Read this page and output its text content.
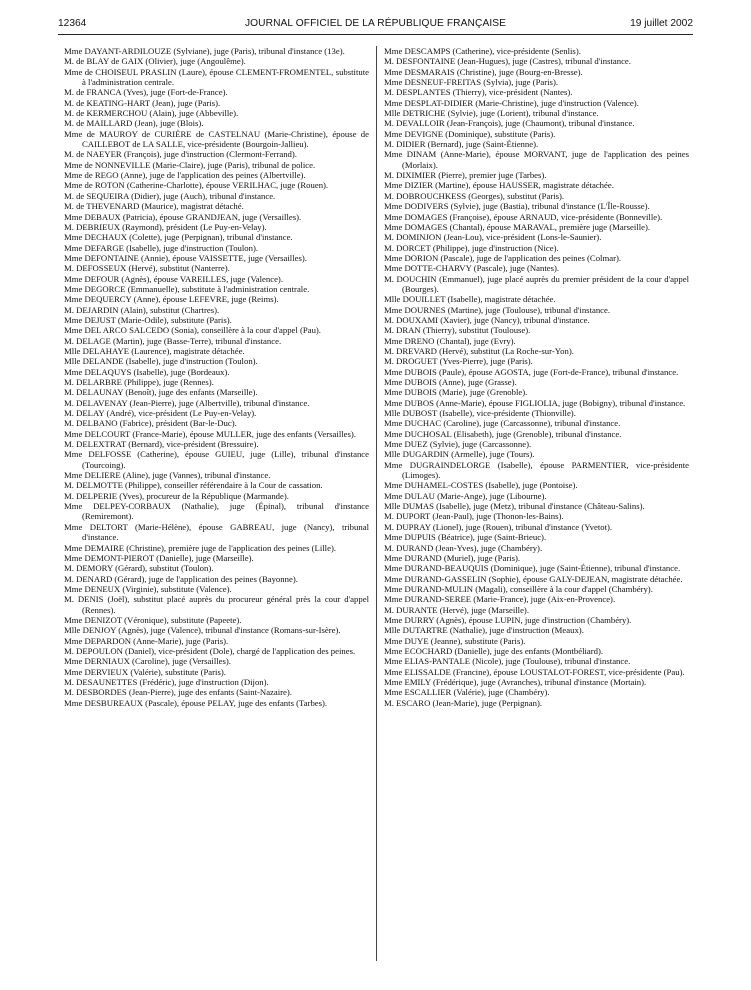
12364	JOURNAL OFFICIEL DE LA RÉPUBLIQUE FRANÇAISE	19 juillet 2002

Mme DAYANT-ARDILOUZE (Sylviane), juge (Paris), tribunal d'instance (13e).

M. de BLAY de GAIX (Olivier), juge (Angoulême).

Mme de CHOISEUL PRASLIN (Laure), épouse CLEMENT-FROMENTEL, substitute à l'administration centrale.

M. de FRANCA (Yves), juge (Fort-de-France).

M. de KEATING-HART (Jean), juge (Paris).

M. de KERMERCHOU (Alain), juge (Abbeville).

M. de MAILLARD (Jean), juge (Blois).

Mme de MAUROY de CURIÈRE de CASTELNAU (Marie-Christine), épouse de CAILLEBOT de LA SALLE, vice-présidente (Bourgoin-Jallieu).

M. de NAEYER (François), juge d'instruction (Clermont-Ferrand).

Mme de NONNEVILLE (Marie-Claire), juge (Paris), tribunal de police.

Mme de REGO (Anne), juge de l'application des peines (Albertville).

Mme de ROTON (Catherine-Charlotte), épouse VERILHAC, juge (Rouen).

M. de SEQUEIRA (Didier), juge (Auch), tribunal d'instance.

M. de THEVENARD (Maurice), magistrat détaché.

Mme DEBAUX (Patricia), épouse GRANDJEAN, juge (Versailles).

M. DEBRIEUX (Raymond), président (Le Puy-en-Velay).

Mme DECHAUX (Colette), juge (Perpignan), tribunal d'instance.

Mme DEFARGE (Isabelle), juge d'instruction (Toulon).

Mme DEFONTAINE (Annie), épouse VAISSETTE, juge (Versailles).

M. DEFOSSEUX (Hervé), substitut (Nanterre).

Mme DEFOUR (Agnès), épouse VAREILLES, juge (Valence).

Mme DEGORCE (Emmanuelle), substitute à l'administration centrale.

Mme DEQUERCY (Anne), épouse LEFEVRE, juge (Reims).

M. DEJARDIN (Alain), substitut (Chartres).

Mme DEJUST (Marie-Odile), substitute (Paris).

Mme DEL ARCO SALCEDO (Sonia), conseillère à la cour d'appel (Pau).

M. DELAGE (Martin), juge (Basse-Terre), tribunal d'instance.

Mlle DELAHAYE (Laurence), magistrate détachée.

Mlle DELANDE (Isabelle), juge d'instruction (Toulon).

Mme DELAQUYS (Isabelle), juge (Bordeaux).

M. DELARBRE (Philippe), juge (Rennes).

M. DELAUNAY (Benoît), juge des enfants (Marseille).

M. DELAVENAY (Jean-Pierre), juge (Albertville), tribunal d'instance.

M. DELAY (André), vice-président (Le Puy-en-Velay).

M. DELBANO (Fabrice), président (Bar-le-Duc).

Mme DELCOURT (France-Marie), épouse MULLER, juge des enfants (Versailles).

M. DELEXTRAT (Bernard), vice-président (Bressuire).

Mme DELFOSSE (Catherine), épouse GUIEU, juge (Lille), tribunal d'instance (Tourcoing).

Mme DELIERE (Aline), juge (Vannes), tribunal d'instance.

M. DELMOTTE (Philippe), conseiller référendaire à la Cour de cassation.

M. DELPERIE (Yves), procureur de la République (Marmande).

Mme DELPEY-CORBAUX (Nathalie), juge (Épinal), tribunal d'instance (Remiremont).

Mme DELTORT (Marie-Hélène), épouse GABREAU, juge (Nancy), tribunal d'instance.

Mme DEMAIRE (Christine), première juge de l'application des peines (Lille).

Mme DEMONT-PIEROT (Danielle), juge (Marseille).

M. DEMORY (Gérard), substitut (Toulon).

M. DENARD (Gérard), juge de l'application des peines (Bayonne).

Mme DENEUX (Virginie), substitute (Valence).

M. DENIS (Joël), substitut placé auprès du procureur général près la cour d'appel (Rennes).

Mme DENIZOT (Véronique), substitute (Papeete).

Mlle DENJOY (Agnès), juge (Valence), tribunal d'instance (Romans-sur-Isère).

Mme DEPARDON (Anne-Marie), juge (Paris).

M. DEPOULON (Daniel), vice-président (Dole), chargé de l'application des peines.

Mme DERNIAUX (Caroline), juge (Versailles).

Mme DERVIEUX (Valérie), substitute (Paris).

M. DESAUNETTES (Frédéric), juge d'instruction (Dijon).

M. DESBORDES (Jean-Pierre), juge des enfants (Saint-Nazaire).

Mme DESBUREAUX (Pascale), épouse PELAY, juge des enfants (Tarbes).

Mme DESCAMPS (Catherine), vice-présidente (Senlis).

M. DESFONTAINE (Jean-Hugues), juge (Castres), tribunal d'instance.

Mme DESMARAIS (Christine), juge (Bourg-en-Bresse).

Mme DESNEUF-FREITAS (Sylvia), juge (Paris).

M. DESPLANTES (Thierry), vice-président (Nantes).

Mme DESPLAT-DIDIER (Marie-Christine), juge d'instruction (Valence).

Mlle DETRICHE (Sylvie), juge (Lorient), tribunal d'instance.

M. DEVALLOIR (Jean-François), juge (Chaumont), tribunal d'instance.

Mme DEVIGNE (Dominique), substitute (Paris).

M. DIDIER (Bernard), juge (Saint-Étienne).

Mme DINAM (Anne-Marie), épouse MORVANT, juge de l'application des peines (Morlaix).

M. DIXIMIER (Pierre), premier juge (Tarbes).

Mme DIZIER (Martine), épouse HAUSSER, magistrate détachée.

M. DOBROUCHKESS (Georges), substitut (Paris).

Mme DODIVERS (Sylvie), juge (Bastia), tribunal d'instance (L'Île-Rousse).

Mme DOMAGES (Françoise), épouse ARNAUD, vice-présidente (Bonneville).

Mme DOMAGES (Chantal), épouse MARAVAL, première juge (Marseille).

M. DOMINJON (Jean-Lou), vice-président (Lons-le-Saunier).

M. DORCET (Philippe), juge d'instruction (Nice).

Mme DORION (Pascale), juge de l'application des peines (Colmar).

Mme DOTTE-CHARVY (Pascale), juge (Nantes).

M. DOUCHIN (Emmanuel), juge placé auprès du premier président de la cour d'appel (Bourges).

Mlle DOUILLET (Isabelle), magistrate détachée.

Mme DOURNES (Martine), juge (Toulouse), tribunal d'instance.

M. DOUXAMI (Xavier), juge (Nancy), tribunal d'instance.

M. DRAN (Thierry), substitut (Toulouse).

Mme DRENO (Chantal), juge (Evry).

M. DREVARD (Hervé), substitut (La Roche-sur-Yon).

M. DROGUET (Yves-Pierre), juge (Paris).

Mme DUBOIS (Paule), épouse AGOSTA, juge (Fort-de-France), tribunal d'instance.

Mme DUBOIS (Anne), juge (Grasse).

Mme DUBOIS (Marie), juge (Grenoble).

Mme DUBOS (Anne-Marie), épouse FIGLIOLIA, juge (Bobigny), tribunal d'instance.

Mlle DUBOST (Isabelle), vice-présidente (Thionville).

Mme DUCHAC (Caroline), juge (Carcassonne), tribunal d'instance.

Mme DUCHOSAL (Elisabeth), juge (Grenoble), tribunal d'instance.

Mme DUEZ (Sylvie), juge (Carcassonne).

Mlle DUGARDIN (Armelle), juge (Tours).

Mme DUGRAINDELORGE (Isabelle), épouse PARMENTIER, vice-présidente (Limoges).

Mme DUHAMEL-COSTES (Isabelle), juge (Pontoise).

Mme DULAU (Marie-Ange), juge (Libourne).

Mlle DUMAS (Isabelle), juge (Metz), tribunal d'instance (Château-Salins).

M. DUPORT (Jean-Paul), juge (Thonon-les-Bains).

M. DUPRAY (Lionel), juge (Rouen), tribunal d'instance (Yvetot).

Mme DUPUIS (Béatrice), juge (Saint-Brieuc).

M. DURAND (Jean-Yves), juge (Chambéry).

Mme DURAND (Muriel), juge (Paris).

Mme DURAND-BEAUQUIS (Dominique), juge (Saint-Étienne), tribunal d'instance.

Mme DURAND-GASSELIN (Sophie), épouse GALY-DEJEAN, magistrate détachée.

Mme DURAND-MULIN (Magali), conseillère à la cour d'appel (Chambéry).

Mme DURAND-SEREE (Marie-France), juge (Aix-en-Provence).

M. DURANTE (Hervé), juge (Marseille).

Mme DURRY (Agnès), épouse LUPIN, juge d'instruction (Chambéry).

Mlle DUTARTRE (Nathalie), juge d'instruction (Meaux).

Mme DUYE (Jeanne), substitute (Paris).

Mme ECOCHARD (Danielle), juge des enfants (Montbéliard).

Mme ELIAS-PANTALE (Nicole), juge (Toulouse), tribunal d'instance.

Mme ELISSALDE (Francine), épouse LOUSTALOT-FOREST, vice-présidente (Pau).

Mme EMILY (Frédérique), juge (Avranches), tribunal d'instance (Mortain).

Mme ESCALLIER (Valérie), juge (Chambéry).

M. ESCARO (Jean-Marie), juge (Perpignan).
